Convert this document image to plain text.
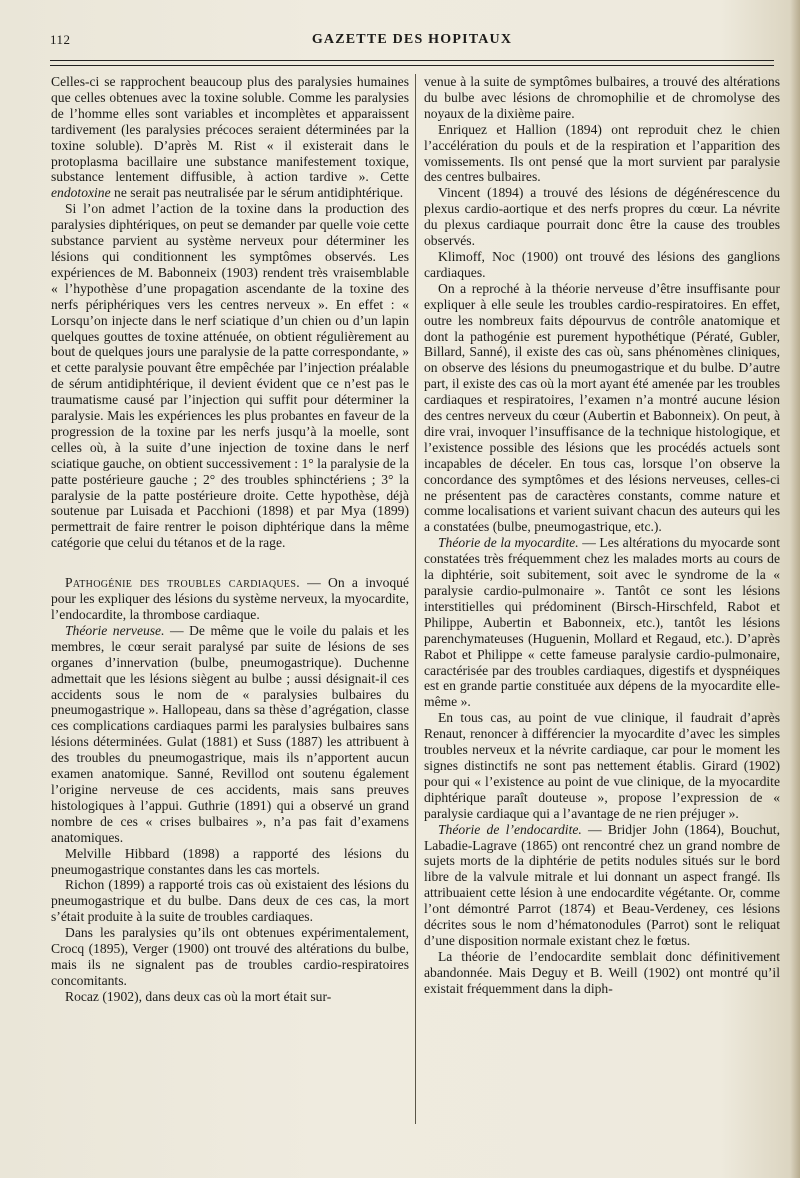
112	GAZETTE DES HOPITAUX

Celles-ci se rapprochent beaucoup plus des paralysies humaines que celles obtenues avec la toxine soluble. Comme les paralysies de l’homme elles sont variables et incomplètes et apparaissent tardivement (les paralysies précoces seraient déterminées par la toxine soluble). D’après M. Rist « il existerait dans le protoplasma bacillaire une substance manifestement toxique, substance lentement diffusible, à action tardive ». Cette endotoxine ne serait pas neutralisée par le sérum antidiphtérique.

Si l’on admet l’action de la toxine dans la production des paralysies diphtériques, on peut se demander par quelle voie cette substance parvient au système nerveux pour déterminer les lésions qui conditionnent les symptômes observés. Les expériences de M. Babonneix (1903) rendent très vraisemblable « l’hypothèse d’une propagation ascendante de la toxine des nerfs périphériques vers les centres nerveux ». En effet : « Lorsqu’on injecte dans le nerf sciatique d’un chien ou d’un lapin quelques gouttes de toxine atténuée, on obtient régulièrement au bout de quelques jours une paralysie de la patte correspondante, » et cette paralysie pouvant être empêchée par l’injection préalable de sérum antidiphtérique, il devient évident que ce n’est pas le traumatisme causé par l’injection qui suffit pour déterminer la paralysie. Mais les expériences les plus probantes en faveur de la progression de la toxine par les nerfs jusqu’à la moelle, sont celles où, à la suite d’une injection de toxine dans le nerf sciatique gauche, on obtient successivement : 1° la paralysie de la patte postérieure gauche ; 2° des troubles sphinctériens ; 3° la paralysie de la patte postérieure droite. Cette hypothèse, déjà soutenue par Luisada et Pacchioni (1898) et par Mya (1899) permettrait de faire rentrer le poison diphtérique dans la même catégorie que celui du tétanos et de la rage.

Pathogénie des troubles cardiaques. — On a invoqué pour les expliquer des lésions du système nerveux, la myocardite, l’endocardite, la thrombose cardiaque.

Théorie nerveuse. — De même que le voile du palais et les membres, le cœur serait paralysé par suite de lésions de ses organes d’innervation (bulbe, pneumogastrique). Duchenne admettait que les lésions siègent au bulbe ; aussi désignait-il ces accidents sous le nom de « paralysies bulbaires du pneumogastrique ». Hallopeau, dans sa thèse d’agrégation, classe ces complications cardiaques parmi les paralysies bulbaires sans lésions déterminées. Gulat (1881) et Suss (1887) les attribuent à des troubles du pneumogastrique, mais ils n’apportent aucun examen anatomique. Sanné, Revillod ont soutenu également l’origine nerveuse de ces accidents, mais sans preuves histologiques à l’appui. Guthrie (1891) qui a observé un grand nombre de ces « crises bulbaires », n’a pas fait d’examens anatomiques.

Melville Hibbard (1898) a rapporté des lésions du pneumogastrique constantes dans les cas mortels.

Richon (1899) a rapporté trois cas où existaient des lésions du pneumogastrique et du bulbe. Dans deux de ces cas, la mort s’était produite à la suite de troubles cardiaques.

Dans les paralysies qu’ils ont obtenues expérimentalement, Crocq (1895), Verger (1900) ont trouvé des altérations du bulbe, mais ils ne signalent pas de troubles cardio-respiratoires concomitants.

Rocaz (1902), dans deux cas où la mort était sur-

venue à la suite de symptômes bulbaires, a trouvé des altérations du bulbe avec lésions de chromophilie et de chromolyse des noyaux de la dixième paire.

Enriquez et Hallion (1894) ont reproduit chez le chien l’accélération du pouls et de la respiration et l’apparition des vomissements. Ils ont pensé que la mort survient par paralysie des centres bulbaires.

Vincent (1894) a trouvé des lésions de dégénérescence du plexus cardio-aortique et des nerfs propres du cœur. La névrite du plexus cardiaque pourrait donc être la cause des troubles observés.

Klimoff, Noc (1900) ont trouvé des lésions des ganglions cardiaques.

On a reproché à la théorie nerveuse d’être insuffisante pour expliquer à elle seule les troubles cardio-respiratoires. En effet, outre les nombreux faits dépourvus de contrôle anatomique et dont la pathogénie est purement hypothétique (Pératé, Gubler, Billard, Sanné), il existe des cas où, sans phénomènes cliniques, on observe des lésions du pneumogastrique et du bulbe. D’autre part, il existe des cas où la mort ayant été amenée par les troubles cardiaques et respiratoires, l’examen n’a montré aucune lésion des centres nerveux du cœur (Aubertin et Babonneix). On peut, à dire vrai, invoquer l’insuffisance de la technique histologique, et l’existence possible des lésions que les procédés actuels sont incapables de déceler. En tous cas, lorsque l’on observe la concordance des symptômes et des lésions nerveuses, celles-ci ne présentent pas de caractères constants, comme nature et comme localisations et varient suivant chacun des auteurs qui les a constatées (bulbe, pneumogastrique, etc.).

Théorie de la myocardite. — Les altérations du myocarde sont constatées très fréquemment chez les malades morts au cours de la diphtérie, soit subitement, soit avec le syndrome de la « paralysie cardio-pulmonaire ». Tantôt ce sont les lésions interstitielles qui prédominent (Birsch-Hirschfeld, Rabot et Philippe, Aubertin et Babonneix, etc.), tantôt les lésions parenchymateuses (Huguenin, Mollard et Regaud, etc.). D’après Rabot et Philippe « cette fameuse paralysie cardio-pulmonaire, caractérisée par des troubles cardiaques, digestifs et dyspnéiques est en grande partie constituée aux dépens de la myocardite elle-même ».

En tous cas, au point de vue clinique, il faudrait d’après Renaut, renoncer à différencier la myocardite d’avec les simples troubles nerveux et la névrite cardiaque, car pour le moment les signes distinctifs ne sont pas nettement établis. Girard (1902) pour qui « l’existence au point de vue clinique, de la myocardite diphtérique paraît douteuse », propose l’expression de « paralysie cardiaque qui a l’avantage de ne rien préjuger ».

Théorie de l’endocardite. — Bridjer John (1864), Bouchut, Labadie-Lagrave (1865) ont rencontré chez un grand nombre de sujets morts de la diphtérie de petits nodules situés sur le bord libre de la valvule mitrale et lui donnant un aspect frangé. Ils attribuaient cette lésion à une endocardite végétante. Or, comme l’ont démontré Parrot (1874) et Beau-Verdeney, ces lésions décrites sous le nom d’hématonodules (Parrot) sont le reliquat d’une disposition normale existant chez le fœtus.

La théorie de l’endocardite semblait donc définitivement abandonnée. Mais Deguy et B. Weill (1902) ont montré qu’il existait fréquemment dans la diph-
